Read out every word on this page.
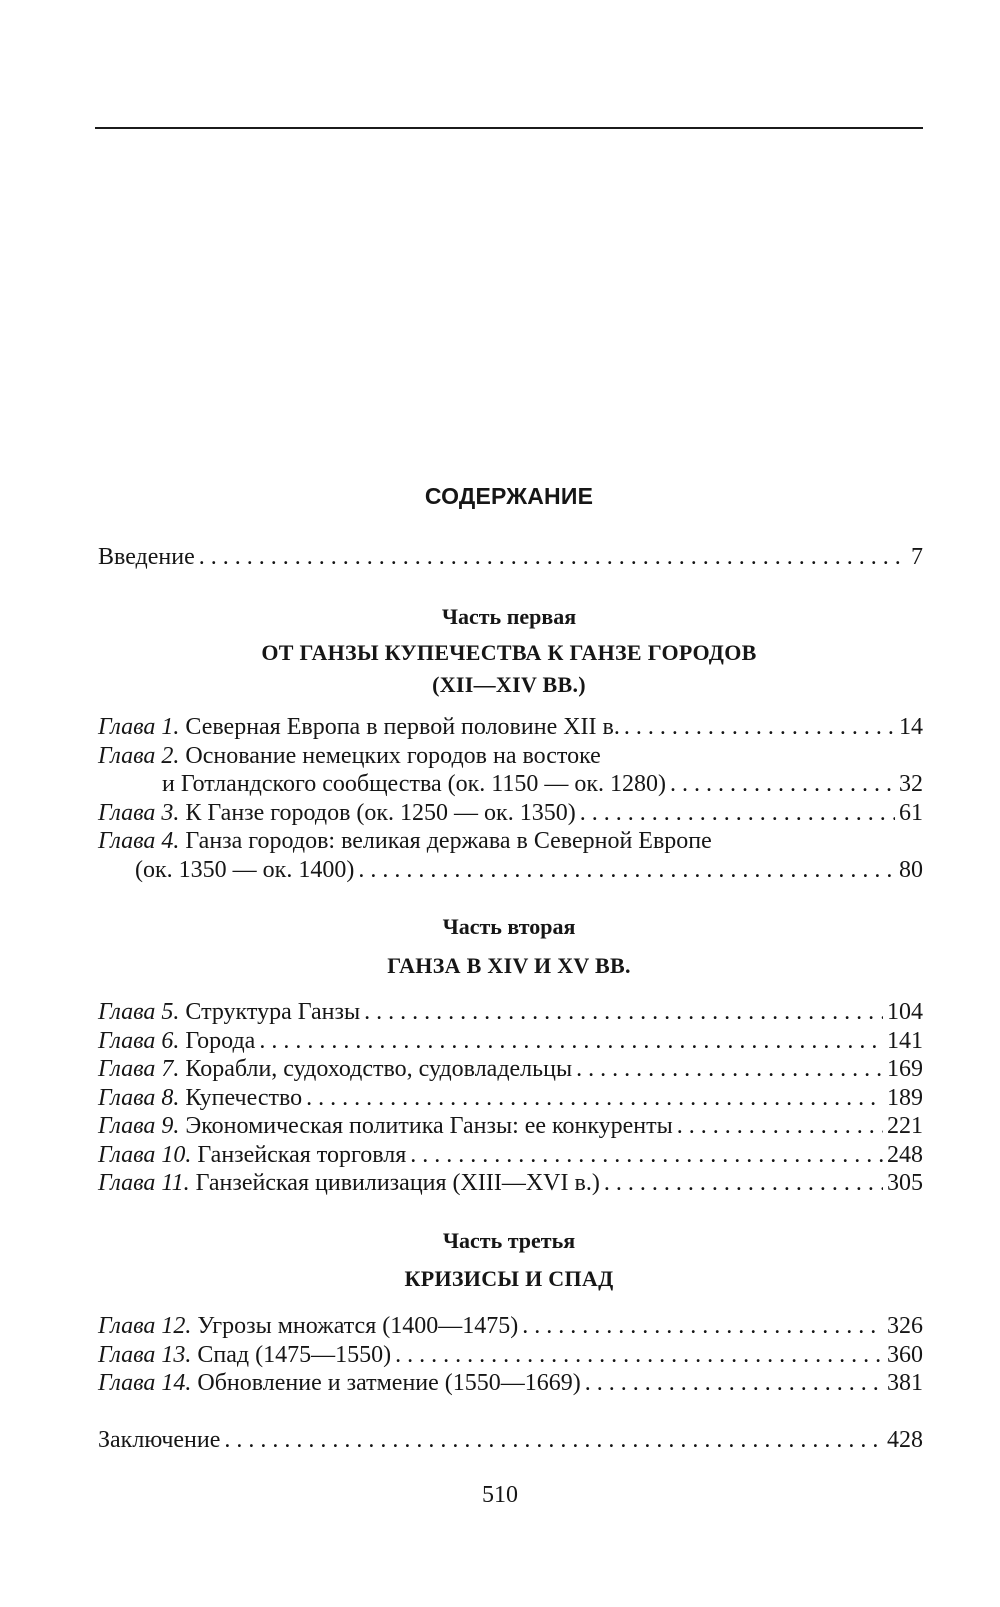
СОДЕРЖАНИЕ
Введение . . .	7
Часть первая
ОТ ГАНЗЫ КУПЕЧЕСТВА К ГАНЗЕ ГОРОДОВ
(XII—XIV ВВ.)
Глава 1. Северная Европа в первой половине XII в. . . .	14
Глава 2. Основание немецких городов на востоке
и Готландского сообщества (ок. 1150 — ок. 1280) . . .	32
Глава 3. К Ганзе городов (ок. 1250 — ок. 1350) . . .	61
Глава 4. Ганза городов: великая держава в Северной Европе
(ок. 1350 — ок. 1400) . . .	80
Часть вторая
ГАНЗА В XIV И XV ВВ.
Глава 5. Структура Ганзы . . .	104
Глава 6. Города . . .	141
Глава 7. Корабли, судоходство, судовладельцы . . .	169
Глава 8. Купечество . . .	189
Глава 9. Экономическая политика Ганзы: ее конкуренты . . .	221
Глава 10. Ганзейская торговля . . .	248
Глава 11. Ганзейская цивилизация (XIII—XVI в.) . . .	305
Часть третья
КРИЗИСЫ И СПАД
Глава 12. Угрозы множатся (1400—1475) . . .	326
Глава 13. Спад (1475—1550) . . .	360
Глава 14. Обновление и затмение (1550—1669) . . .	381
Заключение . . .	428
510
